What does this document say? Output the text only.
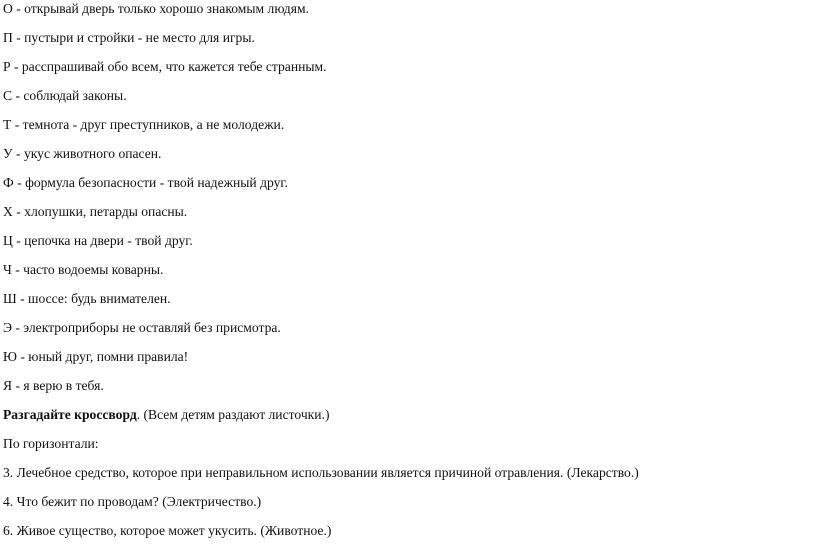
О - открывай дверь только хорошо знакомым людям.

П - пустыри и стройки - не место для игры.

Р - расспрашивай обо всем, что кажется тебе странным.

С - соблюдай законы.

Т - темнота - друг преступников, а не молодежи.

У - укус животного опасен.

Ф - формула безопасности - твой надежный друг.

Х - хлопушки, петарды опасны.

Ц - цепочка на двери - твой друг.

Ч - часто водоемы коварны.

Ш - шоссе: будь внимателен.

Э - электроприборы не оставляй без присмотра.

Ю - юный друг, помни правила!

Я - я верю в тебя.

Разгадайте кроссворд. (Всем детям раздают листочки.)

По горизонтали:

3. Лечебное средство, которое при неправильном использовании является причиной отравления. (Лекарство.)

4. Что бежит по проводам? (Электричество.)

6. Живое существо, которое может укусить. (Животное.)
